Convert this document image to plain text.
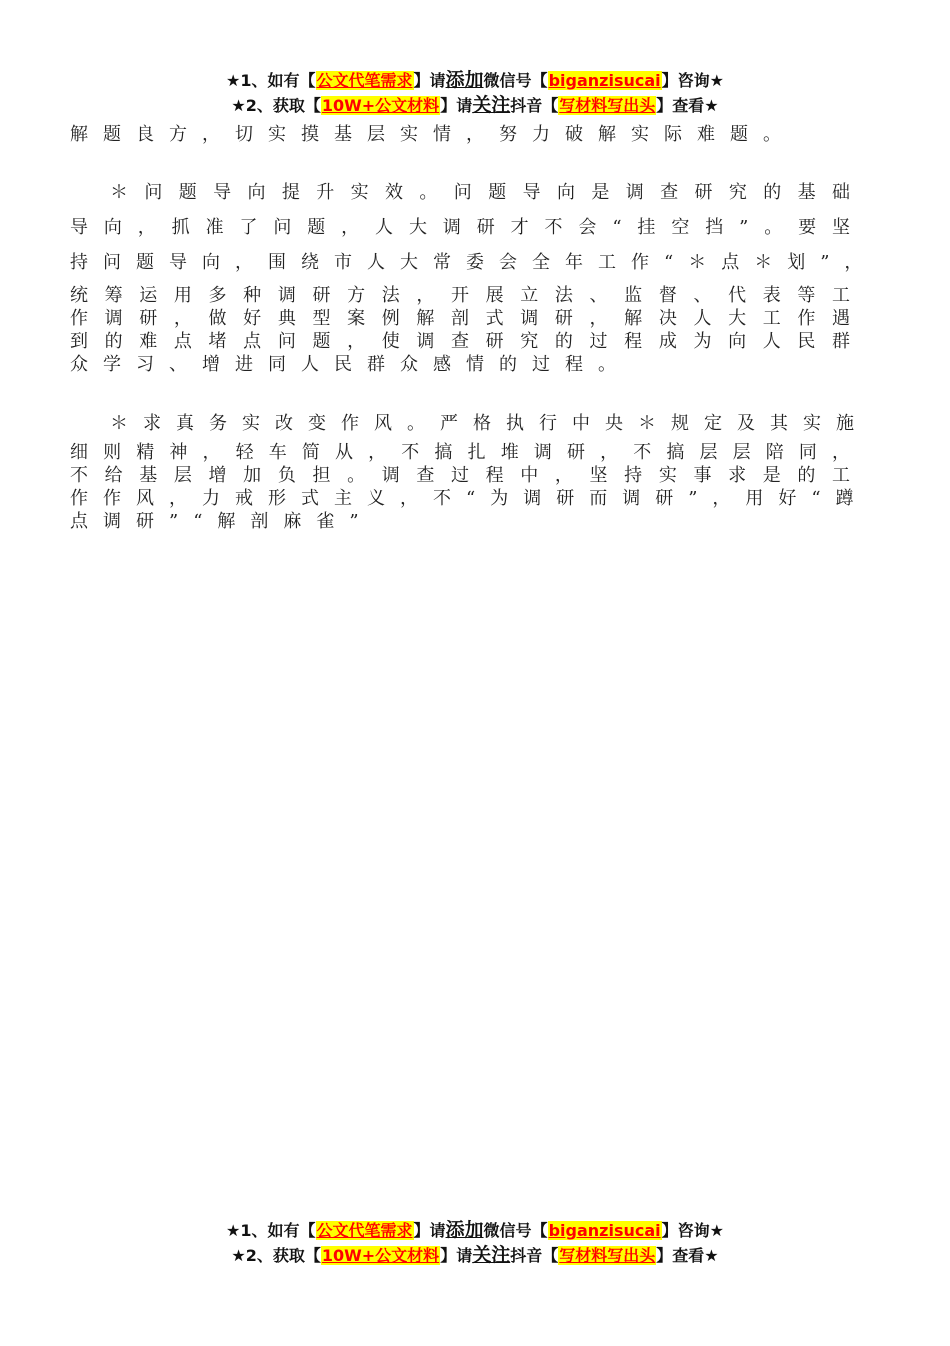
★1、如有【公文代笔需求】请添加微信号【biganzisucai】咨询★
★2、获取【10W+公文材料】请关注抖音【写材料写出头】查看★
解题良方，切实摸基层实情，努力破解实际难题。
＊问题导向提升实效。问题导向是调查研究的基础
导向，抓准了问题，人大调研才不会“挂空挡”。要坚
持问题导向，围绕市人大常委会全年工作“＊点＊划”，
统筹运用多种调研方法，开展立法、监督、代表等工
作调研，做好典型案例解剖式调研，解决人大工作遇
到的难点堵点问题，使调查研究的过程成为向人民群
众学习、增进同人民群众感情的过程。
＊求真务实改变作风。严格执行中央＊规定及其实施
细则精神，轻车简从，不搞扎堆调研，不搞层层陪同，
不给基层增加负担。调查过程中，坚持实事求是的工
作作风，力戒形式主义，不“为调研而调研”，用好“蹲
点调研”“解剖麻雀”
★1、如有【公文代笔需求】请添加微信号【biganzisucai】咨询★
★2、获取【10W+公文材料】请关注抖音【写材料写出头】查看★
